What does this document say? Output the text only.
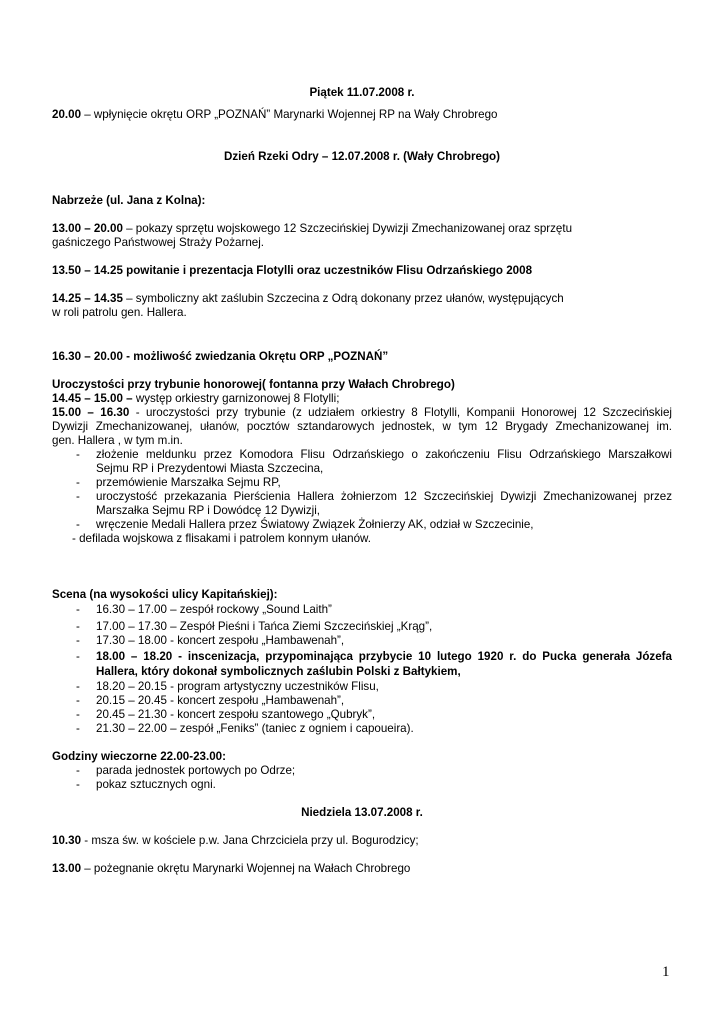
Piątek 11.07.2008 r.
20.00 – wpłynięcie okrętu ORP „POZNAŃ” Marynarki Wojennej RP na Wały Chrobrego
Dzień Rzeki Odry – 12.07.2008 r. (Wały Chrobrego)
Nabrzeże (ul. Jana z Kolna):
13.00 – 20.00 – pokazy sprzętu wojskowego 12 Szczecińskiej Dywizji Zmechanizowanej oraz sprzętu
gaśniczego Państwowej Straży Pożarnej.
13.50 – 14.25 powitanie i prezentacja Flotylli oraz uczestników Flisu Odrzańskiego 2008
14.25 – 14.35 – symboliczny akt zaślubin Szczecina z Odrą dokonany przez ułanów, występujących
w roli patrolu gen. Hallera.
16.30 – 20.00 - możliwość zwiedzania Okrętu ORP „POZNAŃ”
Uroczystości przy trybunie honorowej( fontanna przy Wałach Chrobrego)
14.45 – 15.00 – występ orkiestry garnizonowej 8 Flotylli;
15.00 – 16.30 - uroczystości przy trybunie (z udziałem orkiestry 8 Flotylli, Kompanii Honorowej 12 Szczecińskiej
Dywizji Zmechanizowanej, ułanów, pocztów sztandarowych jednostek, w tym 12 Brygady Zmechanizowanej im.
gen. Hallera , w tym m.in.
- złożenie meldunku przez Komodora Flisu Odrzańskiego o zakończeniu Flisu Odrzańskiego Marszałkowi
Sejmu RP i Prezydentowi Miasta Szczecina,
- przemówienie Marszałka Sejmu RP,
- uroczystość przekazania Pierścienia Hallera żołnierzom 12 Szczecińskiej Dywizji Zmechanizowanej przez
Marszałka Sejmu RP i Dowódcę 12 Dywizji,
- wręczenie Medali Hallera przez Światowy Związek Żołnierzy AK, odział w Szczecinie,
- defilada wojskowa z flisakami i patrolem konnym ułanów.
Scena (na wysokości ulicy Kapitańskiej):
- 16.30 – 17.00 – zespół rockowy „Sound Laith”
- 17.00 – 17.30 – Zespół Pieśni i Tańca Ziemi Szczecińskiej „Krąg”,
- 17.30 – 18.00 - koncert zespołu „Hambawenah”,
- 18.00 – 18.20 - inscenizacja, przypominająca przybycie 10 lutego 1920 r. do Pucka generała Józefa
Hallera, który dokonał symbolicznych zaślubin Polski z Bałtykiem,
- 18.20 – 20.15 - program artystyczny uczestników Flisu,
- 20.15 – 20.45 - koncert zespołu „Hambawenah”,
- 20.45 – 21.30 - koncert zespołu szantowego „Qubryk”,
- 21.30 – 22.00 – zespół „Feniks” (taniec z ogniem i capoueira).
Godziny wieczorne 22.00-23.00:
- parada jednostek portowych po Odrze;
- pokaz sztucznych ogni.
Niedziela 13.07.2008 r.
10.30 - msza św. w kościele p.w. Jana Chrzciciela przy ul. Bogurodzicy;
13.00 – pożegnanie okrętu Marynarki Wojennej na Wałach Chrobrego
1
